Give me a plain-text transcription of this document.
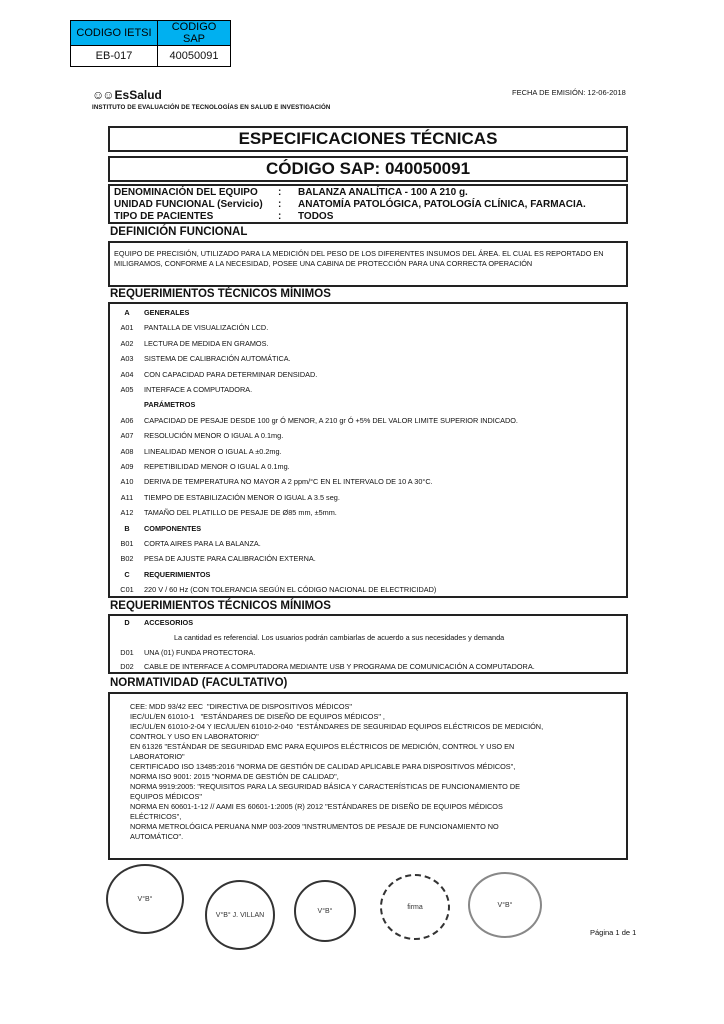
CODIGO IETSI	CODIGO SAP
EB-017	40050091
☺☺ EsSalud
INSTITUTO DE EVALUACIÓN DE TECNOLOGÍAS EN SALUD E INVESTIGACIÓN
FECHA DE EMISIÓN: 12-06-2018
ESPECIFICACIONES TÉCNICAS
CÓDIGO SAP: 040050091
DENOMINACIÓN DEL EQUIPO	:	BALANZA ANALÍTICA - 100 A 210 g.
UNIDAD FUNCIONAL (Servicio)	:	ANATOMÍA PATOLÓGICA, PATOLOGÍA CLÍNICA, FARMACIA.
TIPO DE PACIENTES	:	TODOS
DEFINICIÓN FUNCIONAL
EQUIPO DE PRECISIÓN, UTILIZADO PARA LA MEDICIÓN DEL PESO DE LOS DIFERENTES INSUMOS DEL ÁREA. EL CUAL ES REPORTADO EN MILIGRAMOS, CONFORME A LA NECESIDAD, POSEE UNA CABINA DE PROTECCIÓN PARA UNA CORRECTA OPERACIÓN
REQUERIMIENTOS TÉCNICOS MÍNIMOS
A	GENERALES
A01	PANTALLA DE VISUALIZACIÓN LCD.
A02	LECTURA DE MEDIDA EN GRAMOS.
A03	SISTEMA DE CALIBRACIÓN AUTOMÁTICA.
A04	CON CAPACIDAD PARA DETERMINAR DENSIDAD.
A05	INTERFACE A COMPUTADORA.
PARÁMETROS
A06	CAPACIDAD DE PESAJE DESDE 100 gr Ó MENOR, A 210 gr Ó +5% DEL VALOR LIMITE SUPERIOR INDICADO.
A07	RESOLUCIÓN MENOR O IGUAL A 0.1mg.
A08	LINEALIDAD MENOR O IGUAL A ±0.2mg.
A09	REPETIBILIDAD MENOR O IGUAL A 0.1mg.
A10	DERIVA DE TEMPERATURA NO MAYOR A 2 ppm/°C EN EL INTERVALO DE 10 A 30°C.
A11	TIEMPO DE ESTABILIZACIÓN MENOR O IGUAL A 3.5 seg.
A12	TAMAÑO DEL PLATILLO DE PESAJE DE Ø85 mm, ±5mm.
B	COMPONENTES
B01	CORTA AIRES PARA LA BALANZA.
B02	PESA DE AJUSTE PARA CALIBRACIÓN EXTERNA.
C	REQUERIMIENTOS
C01	220 V / 60 Hz (CON TOLERANCIA SEGÚN EL CÓDIGO NACIONAL DE ELECTRICIDAD)
REQUERIMIENTOS TÉCNICOS MÍNIMOS
D	ACCESORIOS
La cantidad es referencial. Los usuarios podrán cambiarlas de acuerdo a sus necesidades y demanda
D01	UNA (01) FUNDA PROTECTORA.
D02	CABLE DE INTERFACE A COMPUTADORA MEDIANTE USB Y PROGRAMA DE COMUNICACIÓN A COMPUTADORA.
NORMATIVIDAD (FACULTATIVO)
CEE: MDD 93/42 EEC  "DIRECTIVA DE DISPOSITIVOS MÉDICOS"
IEC/UL/EN 61010-1   "ESTÁNDARES DE DISEÑO DE EQUIPOS MÉDICOS" ,
IEC/UL/EN 61010-2-04 Y IEC/UL/EN 61010-2-040  "ESTÁNDARES DE SEGURIDAD EQUIPOS ELÉCTRICOS DE MEDICIÓN,
CONTROL Y USO EN LABORATORIO"
EN 61326 "ESTÁNDAR DE SEGURIDAD EMC PARA EQUIPOS ELÉCTRICOS DE MEDICIÓN, CONTROL Y USO EN
LABORATORIO"
CERTIFICADO ISO 13485:2016 "NORMA DE GESTIÓN DE CALIDAD APLICABLE PARA DISPOSITIVOS MÉDICOS",
NORMA ISO 9001: 2015 "NORMA DE GESTIÓN DE CALIDAD",
NORMA 9919:2005: "REQUISITOS PARA LA SEGURIDAD BÁSICA Y CARACTERÍSTICAS DE FUNCIONAMIENTO DE
EQUIPOS MÉDICOS"
NORMA EN 60601-1-12 // AAMI ES 60601-1:2005 (R) 2012 "ESTÁNDARES DE DISEÑO DE EQUIPOS MÉDICOS
ELÉCTRICOS",
NORMA METROLÓGICA PERUANA NMP 003-2009 "INSTRUMENTOS DE PESAJE DE FUNCIONAMIENTO NO
AUTOMÁTICO".
V°B°
V°B° J. VILLAN
V°B°
firma	V°B°
Página 1 de 1
